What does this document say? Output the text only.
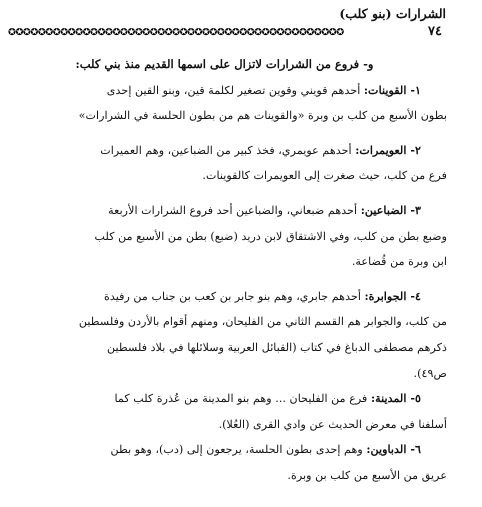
الشرارات (بنو كلب)
٧٤
✪✪✪✪✪✪✪✪✪✪✪✪✪✪✪✪✪✪✪✪✪✪✪✪✪✪✪✪✪✪✪✪✪✪✪✪✪✪✪✪✪✪✪✪✪
و- فروع من الشرارات لاتزال على اسمها القديم منذ بني كلب:
١- القوينات: أحدهم قويني وقوين تصغير لكلمة قين، وبنو القين إحدى
بطون الأسبع من كلب بن وبرة «والقوينات هم من بطون الحلسة في الشرارات»
٢- العويمرات: أحدهم عويمري، فخذ كبير من الضباعين، وهم العميرات
فرع من كلب، حيث صغرت إلى العويمرات كالقوينات.
٣- الضباعين: أحدهم ضبعاني، والضباعين أحد فروع الشرارات الأربعة
وضبع بطن من كلب، وفي الاشتقاق لابن دريد (ضبع) بطن من الأسبع من كلب
ابن وبرة من قُضاعة.
٤- الجوابرة: أحدهم جابري، وهم بنو جابر بن كعب بن جناب من رفيدة
من كلب، والجوابر هم القسم الثاني من الفليحان، ومنهم أقوام بالأردن وفلسطين
ذكرهم مصطفى الدباغ في كتاب (القبائل العربية وسلائلها في بلاد فلسطين
ص٤٩).
٥- المدينة: فرع من الفليحان ... وهم بنو المدينة من عُذرة كلب كما
أسلفنا في معرض الحديث عن وادي القرى (العُلا).
٦- الدباوين: وهم إحدى بطون الحلسة، يرجعون إلى (دب)، وهو بطن
عريق من الأسبع من كلب بن وبرة.
